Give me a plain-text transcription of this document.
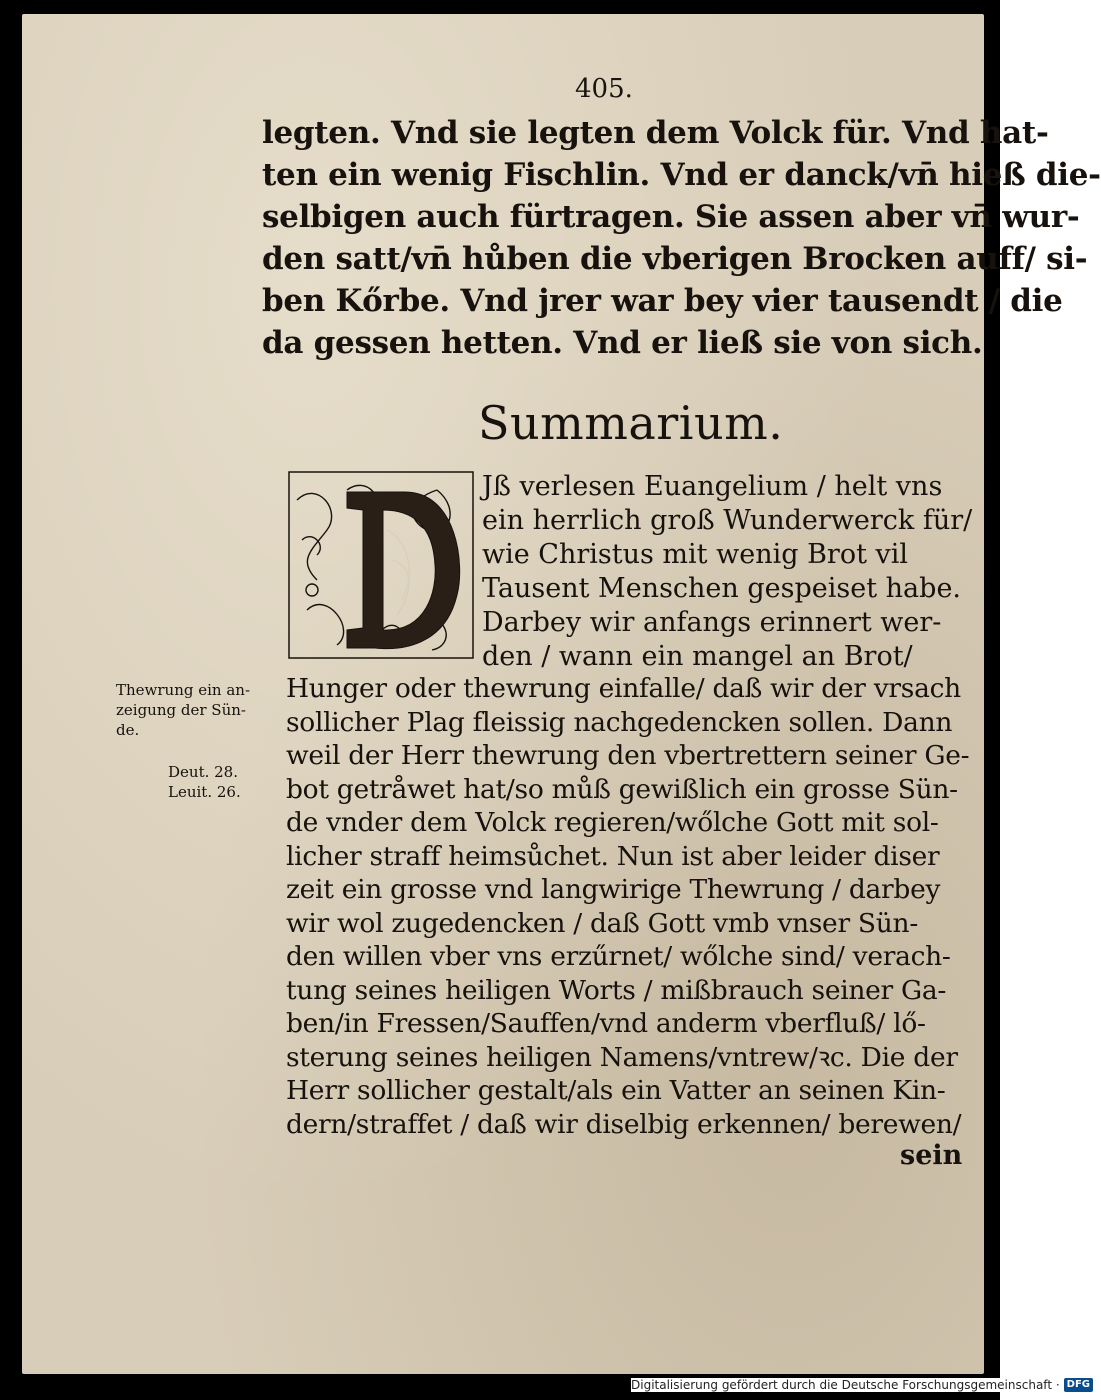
405.
legten. Vnd sie legten dem Volck für. Vnd hat-
ten ein wenig Fischlin. Vnd er danck/vn̄ hieß die-
selbigen auch fürtragen. Sie assen aber vn̄ wur-
den satt/vn̄ hůben die vberigen Brocken auff/ si-
ben Kőrbe. Vnd jrer war bey vier tausendt / die
da gessen hetten. Vnd er ließ sie von sich.
Summarium.
Jß verlesen Euangelium / helt vns
ein herrlich groß Wunderwerck für/
wie Christus mit wenig Brot vil
Tausent Menschen gespeiset habe.
Darbey wir anfangs erinnert wer-
den / wann ein mangel an Brot/
Hunger oder thewrung einfalle/ daß wir der vrsach
sollicher Plag fleissig nachgedencken sollen. Dann
weil der Herr thewrung den vbertrettern seiner Ge-
bot getråwet hat/so můß gewißlich ein grosse Sün-
de vnder dem Volck regieren/wőlche Gott mit sol-
licher straff heimsůchet. Nun ist aber leider diser
zeit ein grosse vnd langwirige Thewrung / darbey
wir wol zugedencken / daß Gott vmb vnser Sün-
den willen vber vns erzűrnet/ wőlche sind/ verach-
tung seines heiligen Worts / mißbrauch seiner Ga-
ben/in Fressen/Sauffen/vnd anderm vberfluß/ lő-
sterung seines heiligen Namens/vntrew/ꝛc. Die der
Herr sollicher gestalt/als ein Vatter an seinen Kin-
dern/straffet / daß wir diselbig erkennen/ berewen/
sein
Thewrung ein an-
zeigung der Sün-
de.
Deut. 28.
Leuit. 26.
Digitalisierung gefördert durch die Deutsche Forschungsgemeinschaft · DFG
